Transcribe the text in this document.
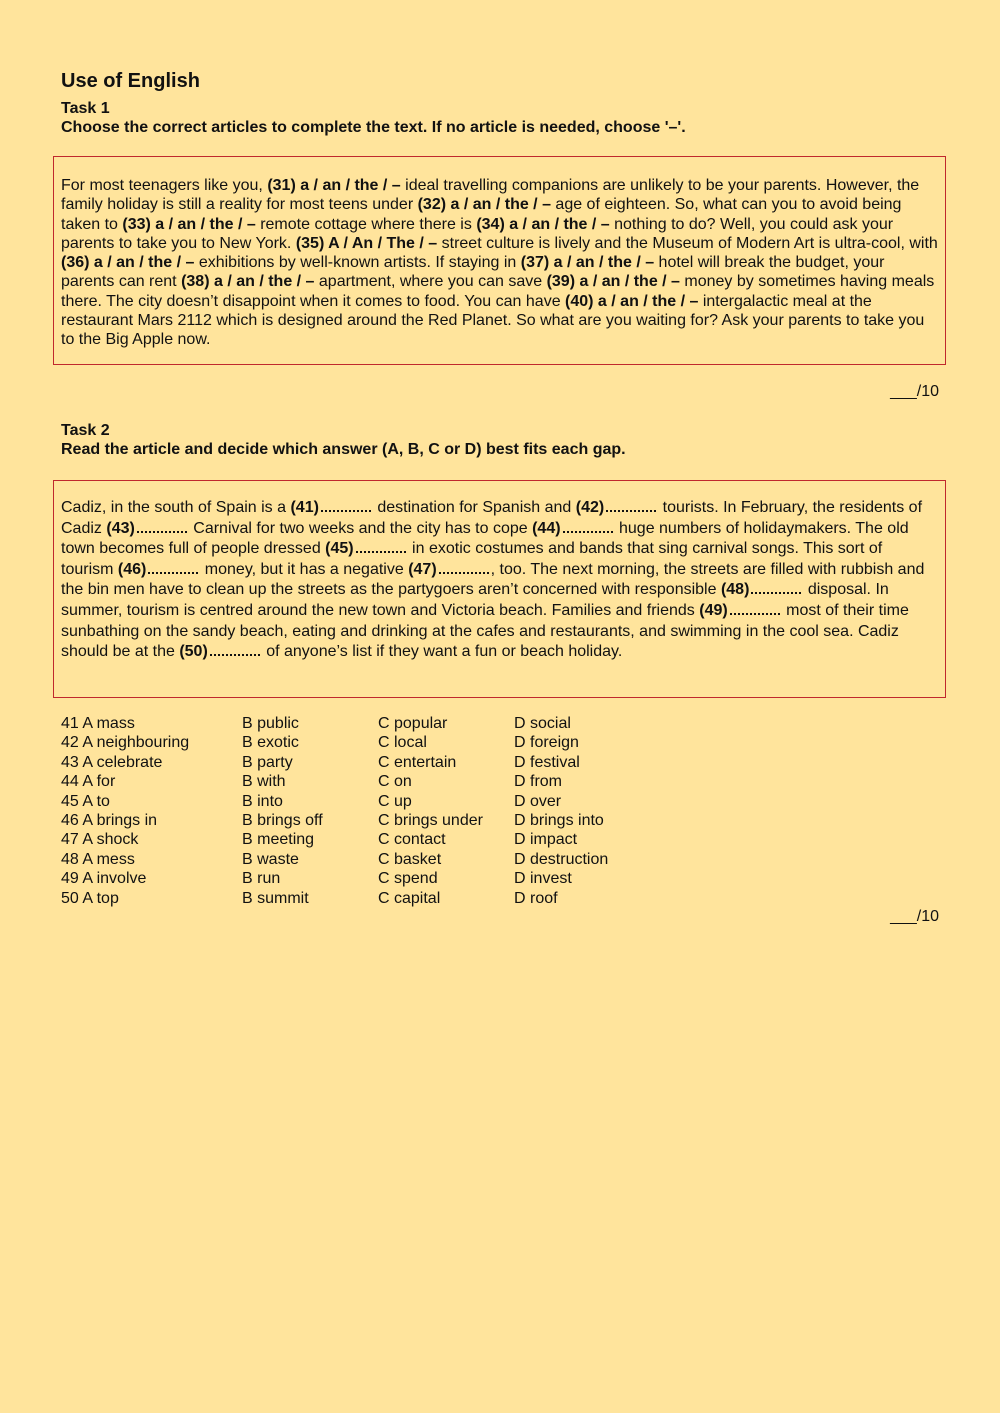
Use of English
Task 1
Choose the correct articles to complete the text. If no article is needed, choose '–'.

For most teenagers like you, (31) a / an / the / – ideal travelling companions are unlikely to be your parents. However, the family holiday is still a reality for most teens under (32) a / an / the / – age of eighteen. So, what can you to avoid being taken to (33) a / an / the / – remote cottage where there is (34) a / an / the / – nothing to do? Well, you could ask your parents to take you to New York. (35) A / An / The / – street culture is lively and the Museum of Modern Art is ultra-cool, with (36) a / an / the / – exhibitions by well-known artists. If staying in (37) a / an / the / – hotel will break the budget, your parents can rent (38) a / an / the / – apartment, where you can save (39) a / an / the / – money by sometimes having meals there. The city doesn’t disappoint when it comes to food. You can have (40) a / an / the / – intergalactic meal at the restaurant Mars 2112 which is designed around the Red Planet. So what are you waiting for? Ask your parents to take you to the Big Apple now.

___/10
Task 2
Read the article and decide which answer (A, B, C or D) best fits each gap.

Cadiz, in the south of Spain is a (41)	destination for Spanish and (42)	tourists. In February, the residents of Cadiz (43)	Carnival for two weeks and the city has to cope (44)	huge numbers of holidaymakers. The old town becomes full of people dressed (45)	in exotic costumes and bands that sing carnival songs. This sort of tourism (46)	money, but it has a negative (47)	, too. The next morning, the streets are filled with rubbish and the bin men have to clean up the streets as the partygoers aren’t concerned with responsible (48)	disposal. In summer, tourism is centred around the new town and Victoria beach. Families and friends (49)	most of their time sunbathing on the sandy beach, eating and drinking at the cafes and restaurants, and swimming in the cool sea. Cadiz should be at the (50)	of anyone’s list if they want a fun or beach holiday.

41 A mass	B public	C popular	D social
42 A neighbouring	B exotic	C local	D foreign
43 A celebrate	B party	C entertain	D festival
44 A for	B with	C on	D from
45 A to	B into	C up	D over
46 A brings in	B brings off	C brings under	D brings into
47 A shock	B meeting	C contact	D impact
48 A mess	B waste	C basket	D destruction
49 A involve	B run	C spend	D invest
50 A top	B summit	C capital	D roof
___/10
